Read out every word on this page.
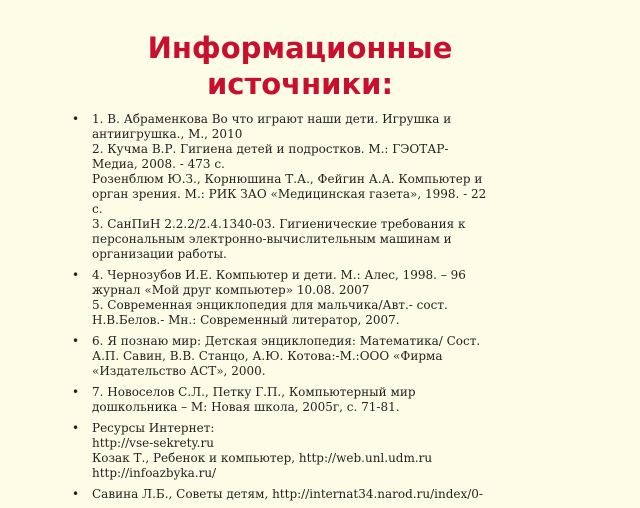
Информационные
источники:
• 1. В. Абраменкова Во что играют наши дети. Игрушка и
антиигрушка., М., 2010
2. Кучма В.Р. Гигиена детей и подростков. М.: ГЭОТАР-
Медиа, 2008. - 473 с.
Розенблюм Ю.З., Корнюшина Т.А., Фейгин А.А. Компьютер и
орган зрения. М.: РИК ЗАО «Медицинская газета», 1998. - 22
с.
3. СанПиН 2.2.2/2.4.1340-03. Гигиенические требования к
персональным электронно-вычислительным машинам и
организации работы.
• 4. Чернозубов И.Е. Компьютер и дети. М.: Алес, 1998. – 96
журнал «Мой друг компьютер» 10.08. 2007
5. Современная энциклопедия для мальчика/Авт.- сост.
Н.В.Белов.- Мн.: Современный литератор, 2007.
• 6. Я познаю мир: Детская энциклопедия: Математика/ Сост.
А.П. Савин, В.В. Станцо, А.Ю. Котова:-М.:ООО «Фирма
«Издательство АСТ», 2000.
• 7. Новоселов С.Л., Петку Г.П., Компьютерный мир
дошкольника – М: Новая школа, 2005г, с. 71-81.
• Ресурсы Интернет:
http://vse-sekrety.ru
Козак Т., Ребенок и компьютер, http://web.unl.udm.ru
http://infoazbyka.ru/
• Савина Л.Б., Советы детям, http://internat34.narod.ru/index/0-
